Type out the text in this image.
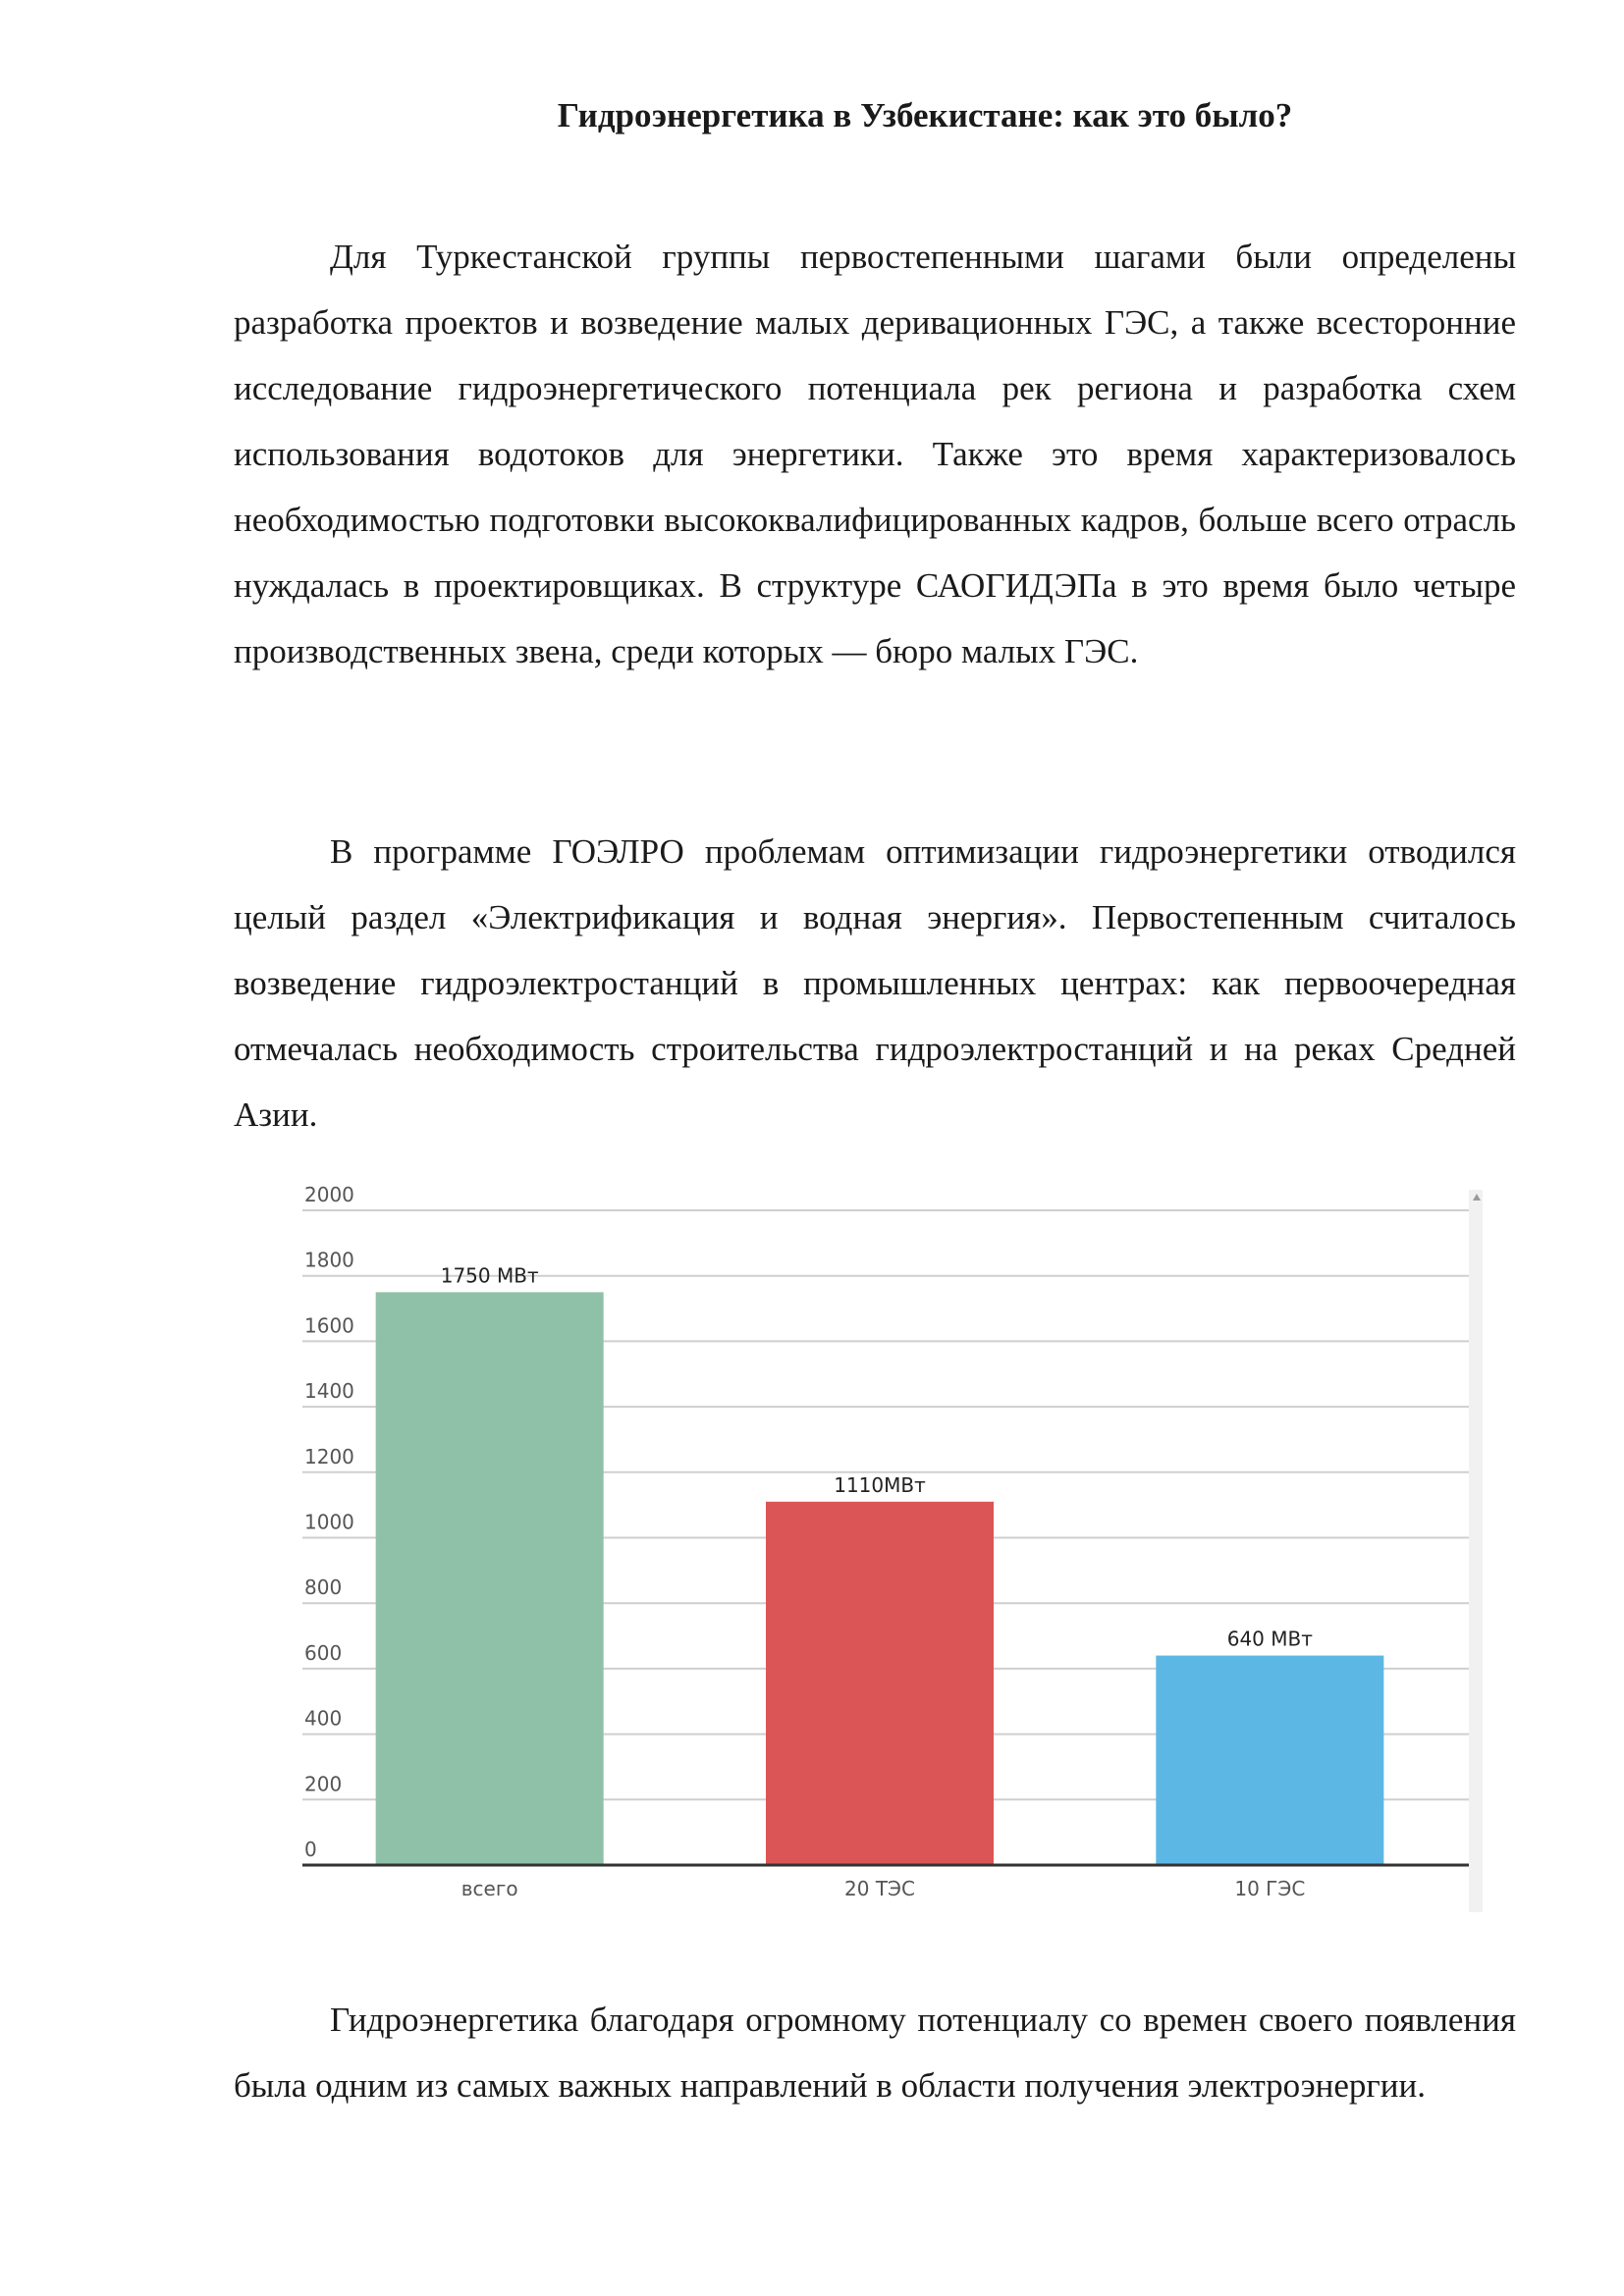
Гидроэнергетика в Узбекистане: как это было?

Для Туркестанской группы первостепенными шагами были определены разработка проектов и возведение малых деривационных ГЭС, а также всесторонние исследование гидроэнергетического потенциала рек региона и разработка схем использования водотоков для энергетики. Также это время характеризовалось необходимостью подготовки высококвалифицированных кадров, больше всего отрасль нуждалась в проектировщиках. В структуре САОГИДЭПа в это время было четыре производственных звена, среди которых — бюро малых ГЭС.

В программе ГОЭЛРО проблемам оптимизации гидроэнергетики отводился целый раздел «Электрификация и водная энергия». Первостепенным считалось возведение гидроэлектростанций в промышленных центрах: как первоочередная отмечалась необходимость строительства гидроэлектростанций и на реках Средней Азии.

0
200
400
600
800
1000
1200
1400
1600
1800
2000
1750 МВт
всего
1110МВт
20 ТЭС
640 МВт
10 ГЭС

Гидроэнергетика благодаря огромному потенциалу со времен своего появления была одним из самых важных направлений в области получения электроэнергии.
